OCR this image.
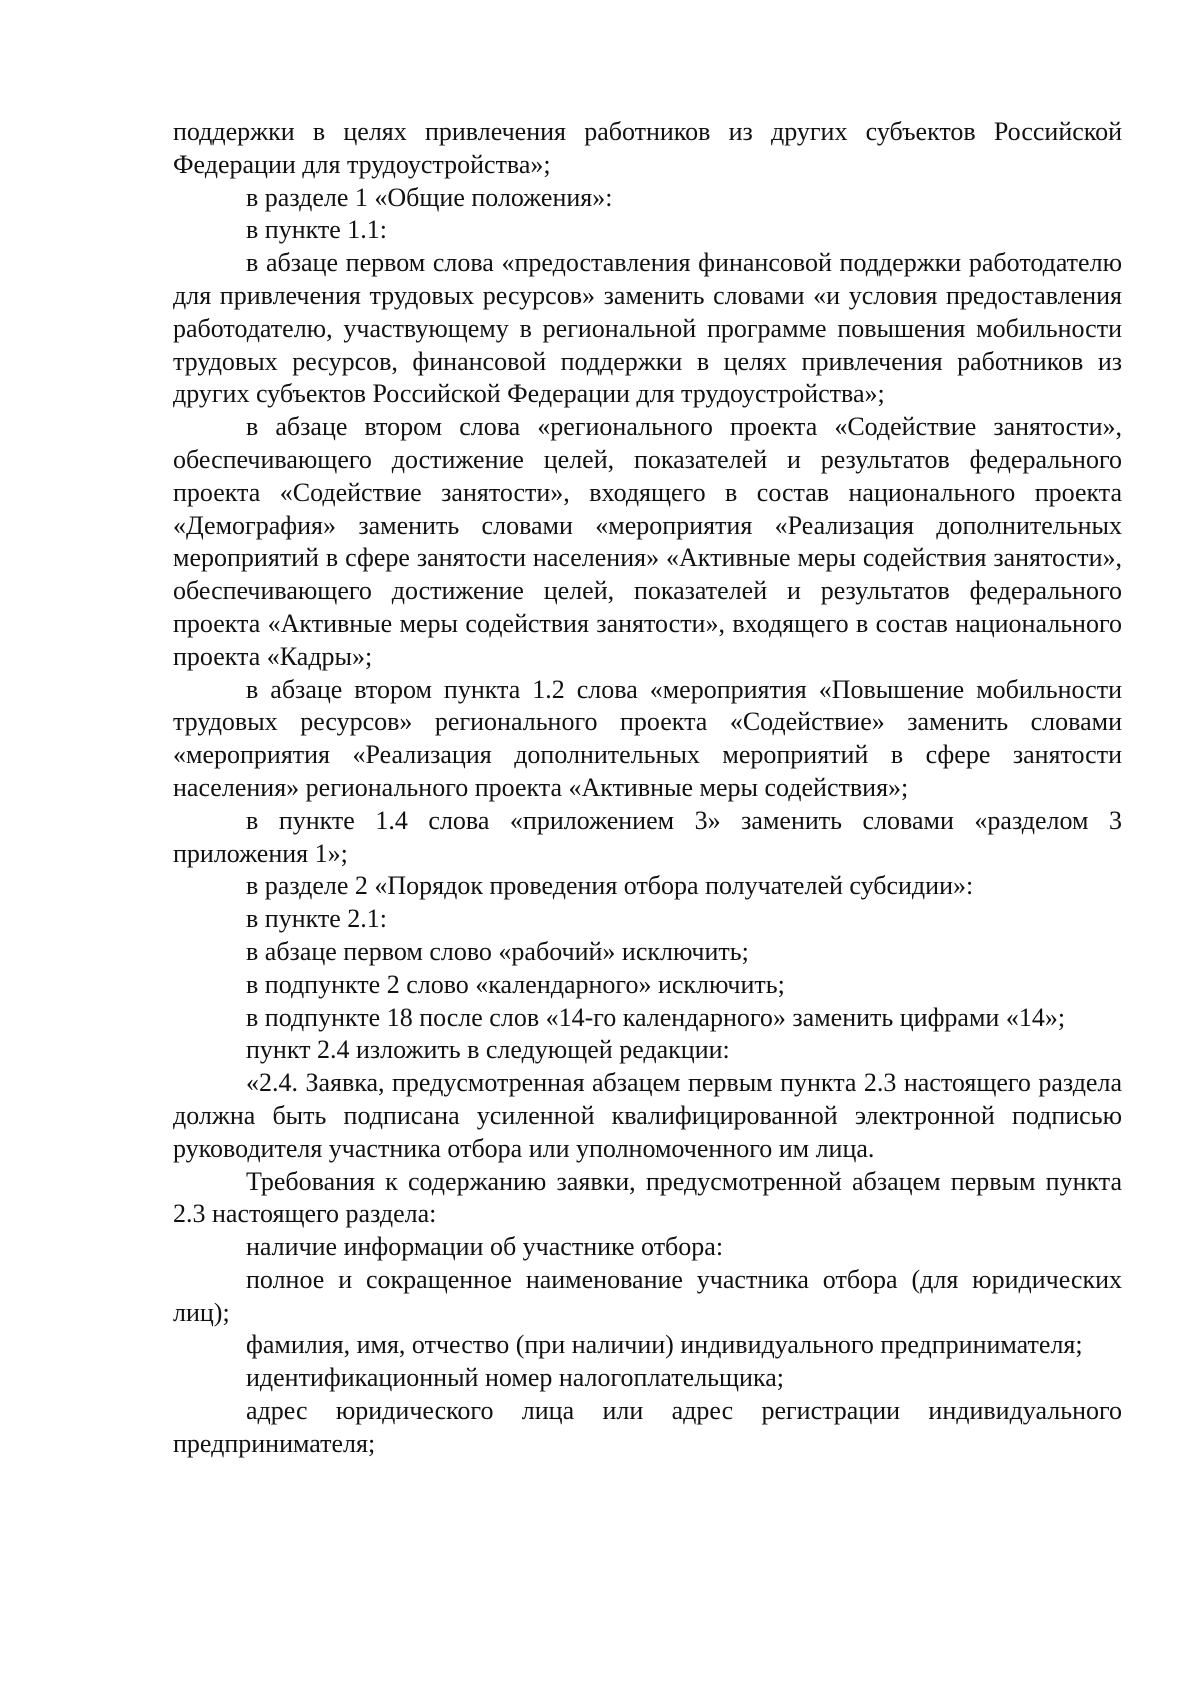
поддержки в целях привлечения работников из других субъектов Российской Федерации для трудоустройства»;

в разделе 1 «Общие положения»:

в пункте 1.1:

в абзаце первом слова «предоставления финансовой поддержки работодателю для привлечения трудовых ресурсов» заменить словами «и условия предоставления работодателю, участвующему в региональной программе повышения мобильности трудовых ресурсов, финансовой поддержки в целях привлечения работников из других субъектов Российской Федерации для трудоустройства»;

в абзаце втором слова «регионального проекта «Содействие занятости», обеспечивающего достижение целей, показателей и результатов федерального проекта «Содействие занятости», входящего в состав национального проекта «Демография» заменить словами «мероприятия «Реализация дополнительных мероприятий в сфере занятости населения» «Активные меры содействия занятости», обеспечивающего достижение целей, показателей и результатов федерального проекта «Активные меры содействия занятости», входящего в состав национального проекта «Кадры»;

в абзаце втором пункта 1.2 слова «мероприятия «Повышение мобильности трудовых ресурсов» регионального проекта «Содействие» заменить словами «мероприятия «Реализация дополнительных мероприятий в сфере занятости населения» регионального проекта «Активные меры содействия»;

в пункте 1.4 слова «приложением 3» заменить словами «разделом 3 приложения 1»;

в разделе 2 «Порядок проведения отбора получателей субсидии»:

в пункте 2.1:

в абзаце первом слово «рабочий» исключить;

в подпункте 2 слово «календарного» исключить;

в подпункте 18 после слов «14-го календарного» заменить цифрами «14»;

пункт 2.4 изложить в следующей редакции:

«2.4. Заявка, предусмотренная абзацем первым пункта 2.3 настоящего раздела должна быть подписана усиленной квалифицированной электронной подписью руководителя участника отбора или уполномоченного им лица.

Требования к содержанию заявки, предусмотренной абзацем первым пункта 2.3 настоящего раздела:

наличие информации об участнике отбора:

полное и сокращенное наименование участника отбора (для юридических лиц);

фамилия, имя, отчество (при наличии) индивидуального предпринимателя;

идентификационный номер налогоплательщика;

адрес юридического лица или адрес регистрации индивидуального предпринимателя;
